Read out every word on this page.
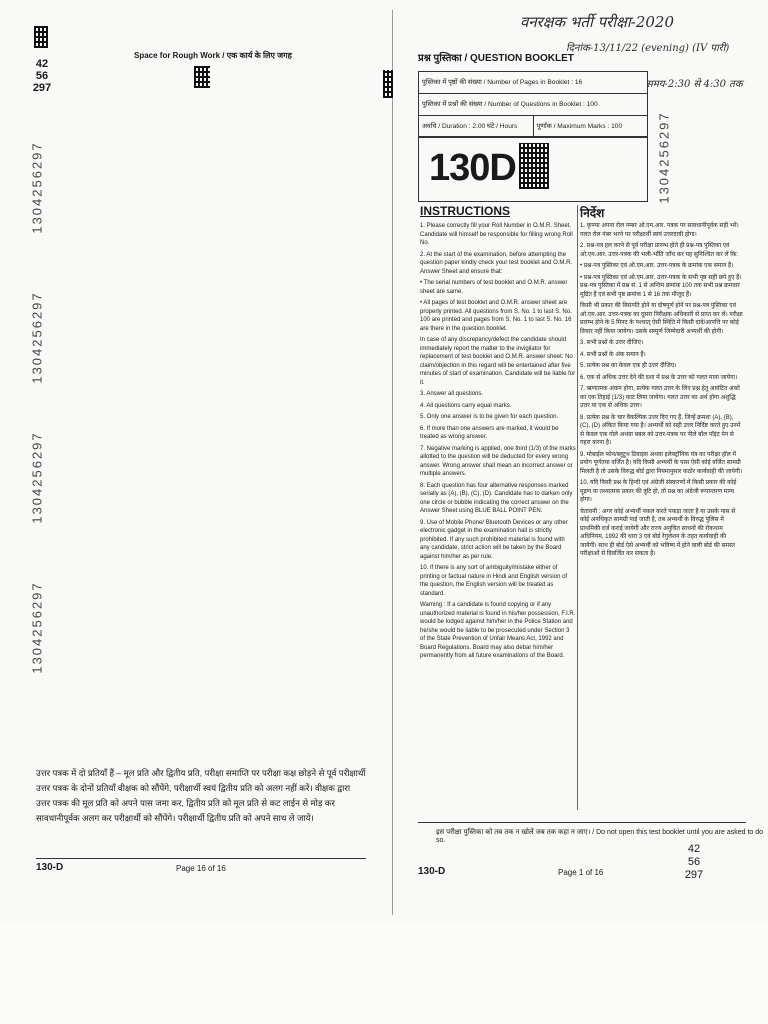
42
56
297
Space for Rough Work / एक कार्य के लिए जगह
1304256297
1304256297
1304256297
1304256297
उत्तर पत्रक में दो प्रतियाँ हैं – मूल प्रति और द्वितीय प्रति, परीक्षा समाप्ति पर परीक्षा कक्ष छोड़ने से पूर्व परीक्षार्थी उत्तर पत्रक के दोनों प्रतियाँ वीक्षक को सौंपेंगे, परीक्षार्थी स्वयं द्वितीय प्रति को अलग नहीं करें। वीक्षक द्वारा उत्तर पत्रक की मूल प्रति को अपने पास जमा कर, द्वितीय प्रति को मूल प्रति से कट लाईन से मोड़ कर सावधानीपूर्वक अलग कर परीक्षार्थी को सौंपेंगे। परीक्षार्थी द्वितीय प्रति को अपने साथ ले जायें।
130-D	Page 16 of 16
वनरक्षक भर्ती परीक्षा-2020
दिनांक-13/11/22 (evening) (IV पारी)
समय-2:30 से 4:30 तक
प्रश्न पुस्तिका / QUESTION BOOKLET
पुस्तिका में पृष्ठों की संख्या / Number of Pages in Booklet : 16
पुस्तिका में प्रश्नों की संख्या / Number of Questions in Booklet : 100
अवधि / Duration : 2.00 घंटे / Hours	पूर्णांक / Maximum Marks : 100
130D	1304256297
INSTRUCTIONS	निर्देश

1. Please correctly fill your Roll Number in O.M.R. Sheet. Candidate will himself be responsible for filling wrong Roll No.

2. At the start of the examination, before attempting the question paper kindly check your test booklet and O.M.R. Answer Sheet and ensure that:

• The serial numbers of test booklet and O.M.R. answer sheet are same.

• All pages of test booklet and O.M.R. answer sheet are properly printed. All questions from S. No. 1 to last S. No. 100 are printed and pages from S. No. 1 to last S. No. 16 are there in the question booklet.

In case of any discrepancy/defect the candidate should immediately report the matter to the invigilator for replacement of test booklet and O.M.R. answer sheet. No claim/objection in this regard will be entertained after five minutes of start of examination. Candidate will be liable for it.

3. Answer all questions.

4. All questions carry equal marks.

5. Only one answer is to be given for each question.

6. If more than one answers are marked, it would be treated as wrong answer.

7. Negative marking is applied, one third (1/3) of the marks allotted to the question will be deducted for every wrong answer. Wrong answer shall mean an incorrect answer or multiple answers.

8. Each question has four alternative responses marked serially as (A), (B), (C), (D). Candidate has to darken only one circle or bubble indicating the correct answer on the Answer Sheet using BLUE BALL POINT PEN.

9. Use of Mobile Phone/ Bluetooth Devices or any other electronic gadget in the examination hall is strictly prohibited. If any such prohibited material is found with any candidate, strict action will be taken by the Board against him/her as per rule.

10. If there is any sort of ambiguity/mistake either of printing or factual nature in Hindi and English version of the question, the English version will be treated as standard.

Warning : If a candidate is found copying or if any unauthorized material is found in his/her possession, F.I.R. would be lodged against him/her in the Police Station and he/she would be liable to be prosecuted under Section 3 of the State Prevention of Unfair Means Act, 1992 and Board Regulations. Board may also debar him/her permanently from all future examinations of the Board.

1. कृपया अपना रोल नम्बर ओ.एम.आर. पत्रक पर सावधानीपूर्वक सही भरें। गलत रोल नंबर भरने पर परीक्षार्थी स्वयं उत्तरदायी होगा।

2. प्रश्न-पत्र हल करने से पूर्व परीक्षा प्रारम्भ होते ही प्रश्न-पत्र पुस्तिका एवं ओ.एम.आर. उत्तर-पत्रक की भली-भाँति जाँच कर यह सुनिश्चित कर लें कि:

• प्रश्न-पत्र पुस्तिका एवं ओ.एम.आर. उत्तर-पत्रक के क्रमांक एक समान हैं।

• प्रश्न-पत्र पुस्तिका एवं ओ.एम.आर. उत्तर-पत्रक के सभी पृष्ठ सही छपे हुए हैं। प्रश्न-पत्र पुस्तिका में प्रश्न सं. 1 से अन्तिम क्रमांक 100 तक सभी प्रश्न क्रमवार मुद्रित हैं एवं सभी पृष्ठ क्रमांक 1 से 16 तक मौजूद हैं।

किसी भी प्रकार की विसंगति होने या दोषपूर्ण होने पर प्रश्न-पत्र पुस्तिका एवं ओ.एम.आर. उत्तर-पत्रक का दूसरा निरीक्षक अधिकारी से प्राप्त कर लें। परीक्षा प्रारम्भ होने के 5 मिनट के पश्चात् ऐसी स्थिति में किसी दावे/आपत्ति पर कोई विचार नहीं किया जायेगा। उसके सम्पूर्ण जिम्मेदारी अभ्यर्थी की होगी।

3. सभी प्रश्नों के उत्तर दीजिए।

4. सभी प्रश्नों के अंक समान हैं।

5. प्रत्येक प्रश्न का केवल एक ही उत्तर दीजिए।

6. एक से अधिक उत्तर देने की दशा में प्रश्न के उत्तर को गलत माना जायेगा।

7. ऋणात्मक अंकन होगा, प्रत्येक गलत उत्तर के लिए प्रश्न हेतु आवंटित अंकों का एक तिहाई (1/3) काट लिया जायेगा। गलत उत्तर का अर्थ होगा अशुद्धि उत्तर या एक से अधिक उत्तर।

8. प्रत्येक प्रश्न के चार वैकल्पिक उत्तर दिए गए हैं, जिन्हें क्रमशः (A), (B), (C), (D) अंकित किया गया है। अभ्यर्थी को सही उत्तर निर्दिष्ट करते हुए उनमें से केवल एक गोले अथवा बबल को उत्तर-पत्रक पर नीले बॉल पॉइंट पेन से गहरा करना है।

9. मोबाईल फोन/ब्लूटूथ डिवाइस अथवा इलेक्ट्रॉनिक यंत्र का परीक्षा हॉल में प्रयोग पूर्णतया वर्जित है। यदि किसी अभ्यर्थी के पास ऐसी कोई वर्जित सामग्री मिलती है तो उसके विरुद्ध बोर्ड द्वारा नियमानुसार कठोर कार्यवाही की जायेगी।

10. यदि किसी प्रश्न के हिन्दी एवं अंग्रेजी संस्करणों में किसी प्रकार की कोई मुद्रण या तथ्यात्मक प्रकार की त्रुटि हो, तो प्रश्न का अंग्रेजी रूपान्तरण मान्य होगा।

चेतावनी : अगर कोई अभ्यर्थी नकल करते पकड़ा जाता है या उसके पास से कोई अनधिकृत सामग्री पाई जाती है, तब अभ्यर्थी के विरुद्ध पुलिस में प्राथमिकी दर्ज कराई जायेगी और राज्य अनुचित साधनों की रोकथाम अधिनियम, 1992 की धारा 3 एवं बोर्ड रेगुलेशन के तहत कार्यवाही की जायेगी। साथ ही बोर्ड ऐसे अभ्यर्थी को भविष्य में होने वाली बोर्ड की समस्त परीक्षाओं से विवर्जित कर सकता है।

इस परीक्षा पुस्तिका को तब तक न खोलें जब तक कहा न जाए। / Do not open this test booklet until you are asked to do so.
42
56
297
130-D	Page 1 of 16
